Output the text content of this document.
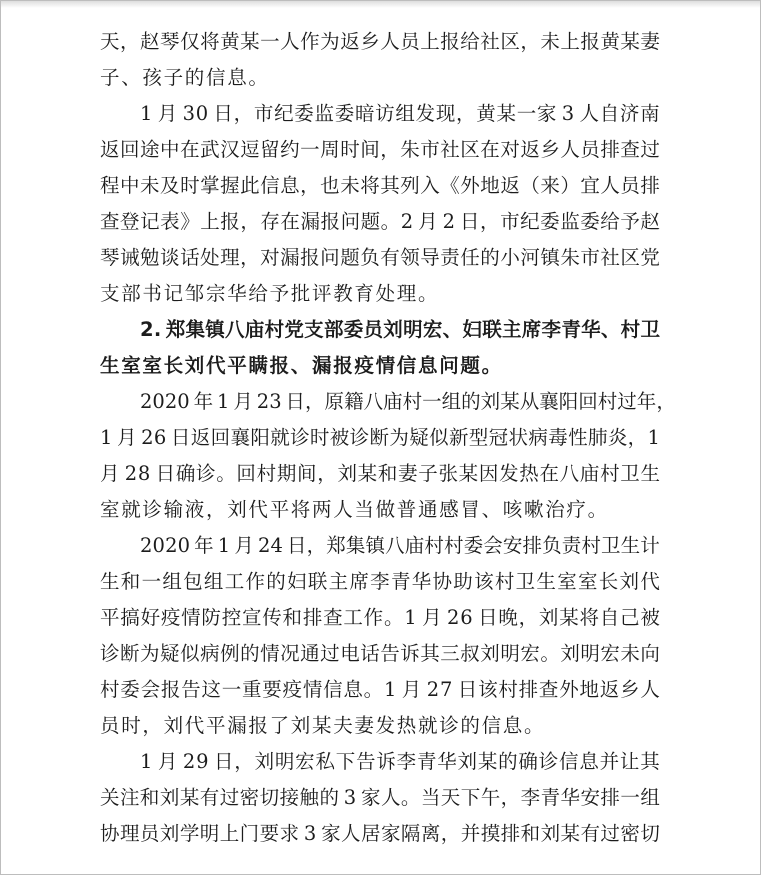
天 ， 赵 琴 仅 将 黄 某 一 人 作 为 返 乡 人 员 上 报 给 社 区 ， 未 上 报 黄 某 妻
子、孩子的信息。
1
  月
  3 0
  日 ， 市 纪 委 监 委 暗 访 组 发 现 ， 黄 某 一 家
  3
  人 自 济 南
返 回 途 中 在 武 汉 逗 留 约 一 周 时 间 ， 朱 市 社 区 在 对 返 乡 人 员 排 查 过
程 中 未 及 时 掌 握 此 信 息 ， 也 未 将 其 列 入 《 外 地 返 （ 来 ） 宜 人 员 排
查 登 记 表 》 上 报 ， 存 在 漏 报 问 题 。 2
  月
  2
  日 ， 市 纪 委 监 委 给 予 赵
琴 诫 勉 谈 话 处 理 ， 对 漏 报 问 题 负 有 领 导 责 任 的 小 河 镇 朱 市 社 区 党
支部书记邹宗华给予批评教育处理。
2 .
  郑 集 镇 八 庙 村 党 支 部 委 员 刘 明 宏 、 妇 联 主 席 李 青 华 、 村 卫
生室室长刘代平瞒报、漏报疫情信息问题。
2 0 2 0
  年
  1
  月
  2 3
  日 ， 原 籍 八 庙 村 一 组 的 刘 某 从 襄 阳 回 村 过 年 ，
1
  月
  2 6
  日 返 回 襄 阳 就 诊 时 被 诊 断 为 疑 似 新 型 冠 状 病 毒 性 肺 炎 ， 1
月
  2 8
  日 确 诊 。 回 村 期 间 ， 刘 某 和 妻 子 张 某 因 发 热 在 八 庙 村 卫 生
室就诊输液，刘代平将两人当做普通感冒、咳嗽治疗。
2 0 2 0
  年
  1
  月
  2 4
  日 ， 郑 集 镇 八 庙 村 村 委 会 安 排 负 责 村 卫 生 计
生 和 一 组 包 组 工 作 的 妇 联 主 席 李 青 华 协 助 该 村 卫 生 室 室 长 刘 代
平 搞 好 疫 情 防 控 宣 传 和 排 查 工 作 。 1
  月
  2 6
  日 晚 ， 刘 某 将 自 己 被
诊 断 为 疑 似 病 例 的 情 况 通 过 电 话 告 诉 其 三 叔 刘 明 宏 。 刘 明 宏 未 向
村 委 会 报 告 这 一 重 要 疫 情 信 息 。 1
  月
  2 7
  日 该 村 排 查 外 地 返 乡 人
员时，刘代平漏报了刘某夫妻发热就诊的信息。
1
  月
  2 9
  日 ， 刘 明 宏 私 下 告 诉 李 青 华 刘 某 的 确 诊 信 息 并 让 其
关 注 和 刘 某 有 过 密 切 接 触 的
  3
  家 人 。 当 天 下 午 ， 李 青 华 安 排 一 组
协 理 员 刘 学 明 上 门 要 求
  3
  家 人 居 家 隔 离 ， 并 摸 排 和 刘 某 有 过 密 切
